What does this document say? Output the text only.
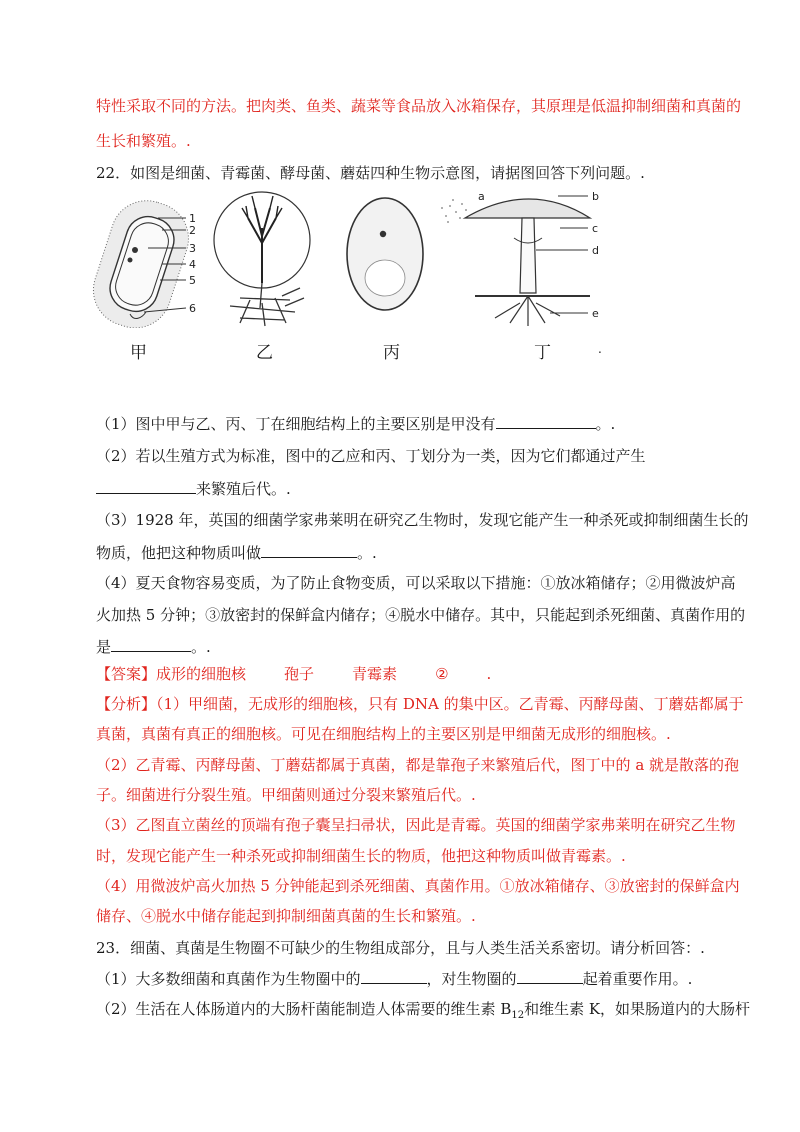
特性采取不同的方法。把肉类、鱼类、蔬菜等食品放入冰箱保存，其原理是低温抑制细菌和真菌的
生长和繁殖。.
22．如图是细菌、青霉菌、酵母菌、蘑菇四种生物示意图，请据图回答下列问题。.
1
2
3
4
5
6
a	b
c
d
e
甲	乙	丙	丁	.
（1）图中甲与乙、丙、丁在细胞结构上的主要区别是甲没有	。.
（2）若以生殖方式为标准，图中的乙应和丙、丁划分为一类，因为它们都通过产生
来繁殖后代。.
（3）1928 年，英国的细菌学家弗莱明在研究乙生物时，发现它能产生一种杀死或抑制细菌生长的
物质，他把这种物质叫做	。.
（4）夏天食物容易变质，为了防止食物变质，可以采取以下措施：①放冰箱储存；②用微波炉高
火加热 5 分钟；③放密封的保鲜盒内储存；④脱水中储存。其中，只能起到杀死细菌、真菌作用的
是	。.
【答案】成形的细胞核	孢子	青霉素	②	.
【分析】（1）甲细菌，无成形的细胞核，只有 DNA 的集中区。乙青霉、丙酵母菌、丁蘑菇都属于
真菌，真菌有真正的细胞核。可见在细胞结构上的主要区别是甲细菌无成形的细胞核。.
（2）乙青霉、丙酵母菌、丁蘑菇都属于真菌，都是靠孢子来繁殖后代，图丁中的 a 就是散落的孢
子。细菌进行分裂生殖。甲细菌则通过分裂来繁殖后代。.
（3）乙图直立菌丝的顶端有孢子囊呈扫帚状，因此是青霉。英国的细菌学家弗莱明在研究乙生物
时，发现它能产生一种杀死或抑制细菌生长的物质，他把这种物质叫做青霉素。.
（4）用微波炉高火加热 5 分钟能起到杀死细菌、真菌作用。①放冰箱储存、③放密封的保鲜盒内
储存、④脱水中储存能起到抑制细菌真菌的生长和繁殖。.
23．细菌、真菌是生物圈不可缺少的生物组成部分，且与人类生活关系密切。请分析回答：.
（1）大多数细菌和真菌作为生物圈中的	，对生物圈的	起着重要作用。.
（2）生活在人体肠道内的大肠杆菌能制造人体需要的维生素 $B_{12}$和维生素 K，如果肠道内的大肠杆
